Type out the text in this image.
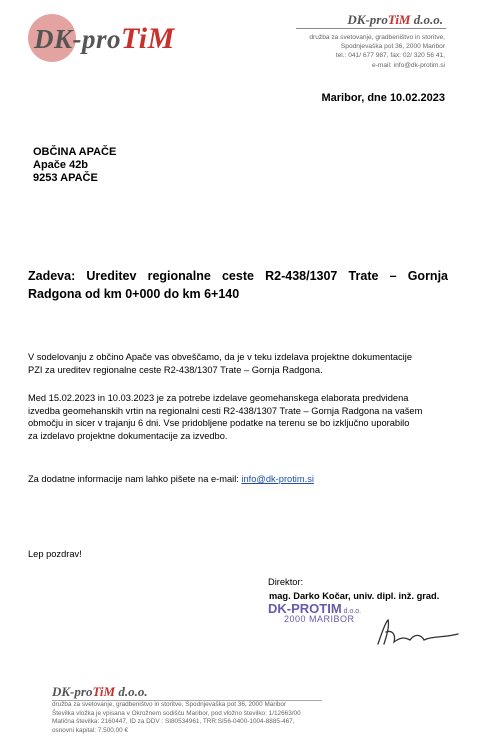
DK-proTiM
DK-proTiM d.o.o.
družba za svetovanje, gradbeništvo in storitve,
Spodnjevaška pot 36, 2000 Maribor
tel.: 041/ 677 987, fax: 02/ 320 56 41,
e-mail: info@dk-protim.si
Maribor, dne 10.02.2023
OBČINA APAČE
Apače 42b
9253 APAČE
Zadeva: Ureditev regionalne ceste R2-438/1307 Trate – Gornja Radgona od km 0+000 do km 6+140
V sodelovanju z občino Apače vas obveščamo, da je v teku izdelava projektne dokumentacije
PZI za ureditev regionalne ceste R2-438/1307 Trate – Gornja Radgona.
Med 15.02.2023 in 10.03.2023 je za potrebe izdelave geomehanskega elaborata predvidena
izvedba geomehanskih vrtin na regionalni cesti R2-438/1307 Trate – Gornja Radgona na vašem
območju in sicer v trajanju 6 dni. Vse pridobljene podatke na terenu se bo izključno uporabilo
za izdelavo projektne dokumentacije za izvedbo.
Za dodatne informacije nam lahko pišete na e-mail: info@dk-protim.si
Lep pozdrav!
Direktor:
mag. Darko Kočar, univ. dipl. inž. grad.
DK-PROTIM d.o.o.
2000 MARIBOR
DK-proTiM d.o.o.
družba za svetovanje, gradbeništvo in storitve, Spodnjevaška pot 36, 2000 Maribor
Številka vložka je vpisana v Okrožnem sodišču Maribor, pod vložno številko: 1/12663/00
Matična številka: 2160447, ID za DDV : SI80534961, TRR:SI56-0400-1004-8885-467,
osnovni kapital: 7.500,00 €
